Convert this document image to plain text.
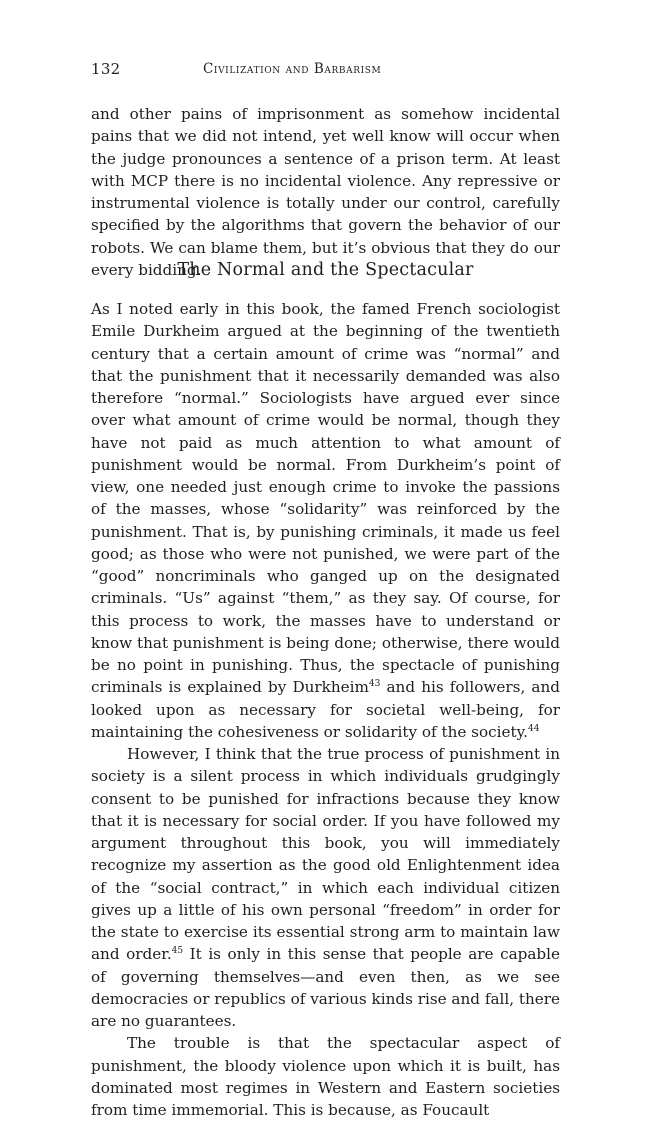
132	Civilization and Barbarism

and other pains of imprisonment as somehow incidental pains that we did not intend, yet well know will occur when the judge pronounces a sentence of a prison term. At least with MCP there is no incidental violence. Any repressive or instrumental violence is totally under our control, carefully specified by the algorithms that govern the behavior of our robots. We can blame them, but it’s obvious that they do our every bidding.

The Normal and the Spectacular

As I noted early in this book, the famed French sociologist Emile Durkheim argued at the beginning of the twentieth century that a certain amount of crime was “normal” and that the punishment that it necessarily demanded was also therefore “normal.” Sociologists have argued ever since over what amount of crime would be normal, though they have not paid as much attention to what amount of punishment would be normal. From Durkheim’s point of view, one needed just enough crime to invoke the passions of the masses, whose “solidarity” was reinforced by the punishment. That is, by punishing criminals, it made us feel good; as those who were not punished, we were part of the “good” noncriminals who ganged up on the designated criminals. “Us” against “them,” as they say. Of course, for this process to work, the masses have to understand or know that punishment is being done; otherwise, there would be no point in punishing. Thus, the spectacle of punishing criminals is explained by Durkheim$^{43}$ and his followers, and looked upon as necessary for societal well-being, for maintaining the cohesiveness or solidarity of the society.$^{44}$

However, I think that the true process of punishment in society is a silent process in which individuals grudgingly consent to be punished for infractions because they know that it is necessary for social order. If you have followed my argument throughout this book, you will immediately recognize my assertion as the good old Enlightenment idea of the “social contract,” in which each individual citizen gives up a little of his own personal “freedom” in order for the state to exercise its essential strong arm to maintain law and order.$^{45}$ It is only in this sense that people are capable of governing themselves—and even then, as we see democracies or republics of various kinds rise and fall, there are no guarantees.

The trouble is that the spectacular aspect of punishment, the bloody violence upon which it is built, has dominated most regimes in Western and Eastern societies from time immemorial. This is because, as Foucault
